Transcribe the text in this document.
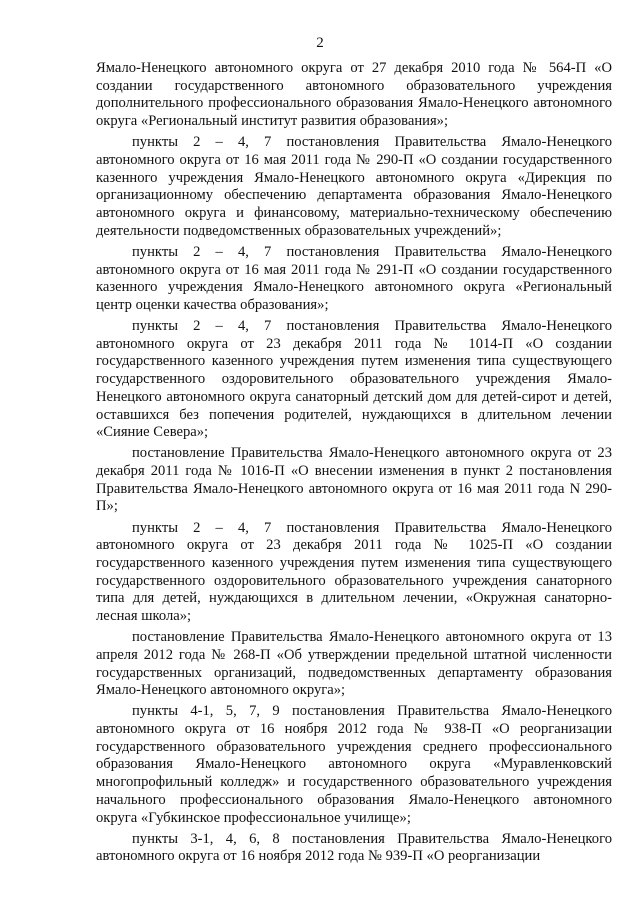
2

Ямало-Ненецкого автономного округа от 27 декабря 2010 года № 564-П «О создании государственного автономного образовательного учреждения дополнительного профессионального образования Ямало-Ненецкого автономного округа «Региональный институт развития образования»;

пункты 2 – 4, 7 постановления Правительства Ямало-Ненецкого автономного округа от 16 мая 2011 года № 290-П «О создании государственного казенного учреждения Ямало-Ненецкого автономного округа «Дирекция по организационному обеспечению департамента образования Ямало-Ненецкого автономного округа и финансовому, материально-техническому обеспечению деятельности подведомственных образовательных учреждений»;

пункты 2 – 4, 7 постановления Правительства Ямало-Ненецкого автономного округа от 16 мая 2011 года № 291-П «О создании государственного казенного учреждения Ямало-Ненецкого автономного округа «Региональный центр оценки качества образования»;

пункты 2 – 4, 7 постановления Правительства Ямало-Ненецкого автономного округа от 23 декабря 2011 года № 1014-П «О создании государственного казенного учреждения путем изменения типа существующего государственного оздоровительного образовательного учреждения Ямало-Ненецкого автономного округа санаторный детский дом для детей-сирот и детей, оставшихся без попечения родителей, нуждающихся в длительном лечении «Сияние Севера»;

постановление Правительства Ямало-Ненецкого автономного округа от 23 декабря 2011 года № 1016-П «О внесении изменения в пункт 2 постановления Правительства Ямало-Ненецкого автономного округа от 16 мая 2011 года N 290-П»;

пункты 2 – 4, 7 постановления Правительства Ямало-Ненецкого автономного округа от 23 декабря 2011 года № 1025-П «О создании государственного казенного учреждения путем изменения типа существующего государственного оздоровительного образовательного учреждения санаторного типа для детей, нуждающихся в длительном лечении, «Окружная санаторно-лесная школа»;

постановление Правительства Ямало-Ненецкого автономного округа от 13 апреля 2012 года № 268-П «Об утверждении предельной штатной численности государственных организаций, подведомственных департаменту образования Ямало-Ненецкого автономного округа»;

пункты 4-1, 5, 7, 9 постановления Правительства Ямало-Ненецкого автономного округа от 16 ноября 2012 года № 938-П «О реорганизации государственного образовательного учреждения среднего профессионального образования Ямало-Ненецкого автономного округа «Муравленковский многопрофильный колледж» и государственного образовательного учреждения начального профессионального образования Ямало-Ненецкого автономного округа «Губкинское профессиональное училище»;

пункты 3-1, 4, 6, 8 постановления Правительства Ямало-Ненецкого автономного округа от 16 ноября 2012 года № 939-П «О реорганизации
